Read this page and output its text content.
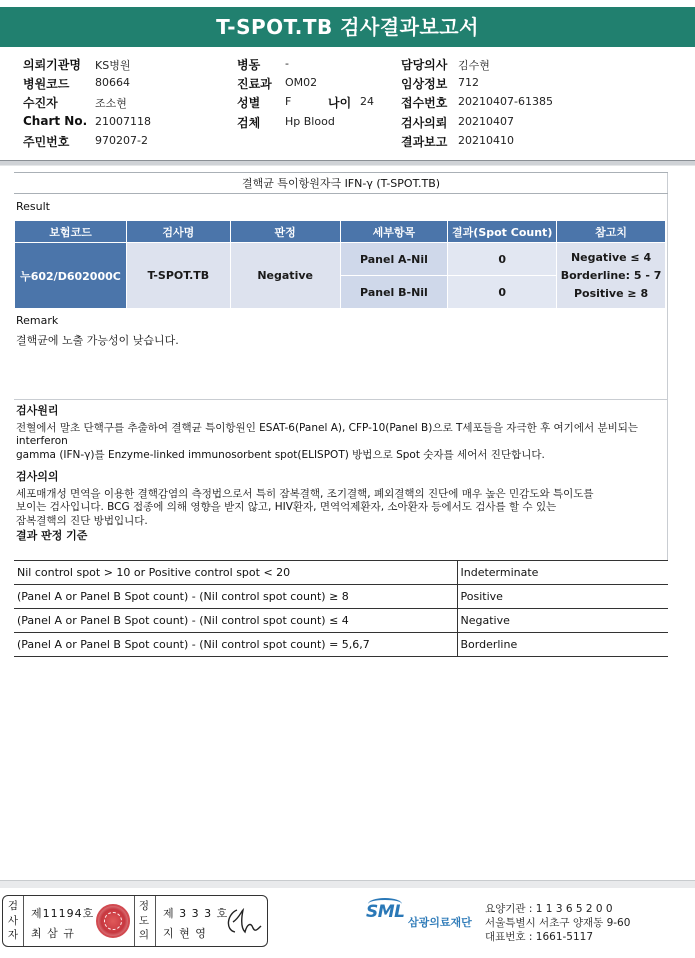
T-SPOT.TB 검사결과보고서
의뢰기관명 KS병원
병원코드 80664
수진자	조소현
Chart No. 21007118
주민번호 970207-2
병동 -
진료과 OM02
성별 F	나이 24
검체 Hp Blood
담당의사 김수현
임상정보 712
접수번호 20210407-61385
검사의뢰 20210407
결과보고 20210410
결핵균 특이항원자극 IFN-γ (T-SPOT.TB)
Result
보험코드	검사명	판정	세부항목	결과(Spot Count)	참고치
누602/D602000C	T-SPOT.TB	Negative	Panel A-Nil	0	Negative ≤ 4
Borderline: 5 - 7
Positive ≥ 8

			Panel B-Nil	0	
Remark
결핵균에 노출 가능성이 낮습니다.
검사원리
전혈에서 말초 단핵구를 추출하여 결핵균 특이항원인 ESAT-6(Panel A), CFP-10(Panel B)으로 T세포들을 자극한 후 여기에서 분비되는
interferon
gamma (IFN-γ)를 Enzyme-linked immunosorbent spot(ELISPOT) 방법으로 Spot 숫자를 세어서 진단합니다.
검사의의
세포매개성 면역을 이용한 결핵감염의 측정법으로서 특히 잠복결핵, 조기결핵, 폐외결핵의 진단에 매우 높은 민감도와 특이도를
보이는 검사입니다. BCG 접종에 의해 영향을 받지 않고, HIV환자, 면역억제환자, 소아환자 등에서도 검사를 할 수 있는
잠복결핵의 진단 방법입니다.
결과 판정 기준
Nil control spot > 10 or Positive control spot < 20	Indeterminate
(Panel A or Panel B Spot count) - (Nil control spot count) ≥ 8	Positive
(Panel A or Panel B Spot count) - (Nil control spot count) ≤ 4	Negative
(Panel A or Panel B Spot count) - (Nil control spot count) = 5,6,7	Borderline
검
사
자
제11194호
최 삼 규
정
도
의
제 3 3 3 호
지 현 영
SML
삼광의료재단
요양기관 : 1 1 3 6 5 2 0 0
서울특별시 서초구 양재동 9-60
대표번호 : 1661-5117
